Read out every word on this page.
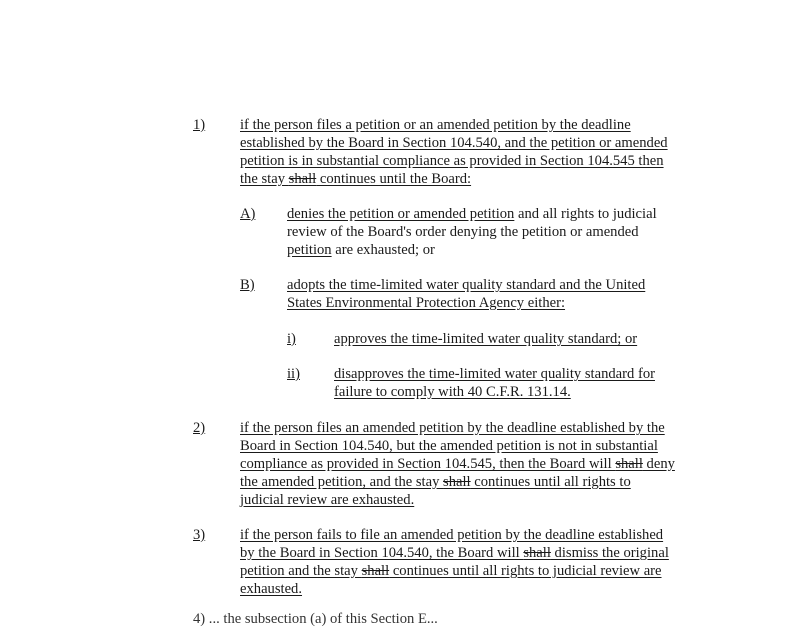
1) if the person files a petition or an amended petition by the deadline
established by the Board in Section 104.540, and the petition or amended
petition is in substantial compliance as provided in Section 104.545 then
the stay shall continues until the Board:
A) denies the petition or amended petition and all rights to judicial
review of the Board's order denying the petition or amended
petition are exhausted; or
B) adopts the time-limited water quality standard and the United
States Environmental Protection Agency either:
i)	approves the time-limited water quality standard; or
ii) disapproves the time-limited water quality standard for
failure to comply with 40 C.F.R. 131.14.
2) if the person files an amended petition by the deadline established by the
Board in Section 104.540, but the amended petition is not in substantial
compliance as provided in Section 104.545, then the Board will shall deny
the amended petition, and the stay shall continues until all rights to
judicial review are exhausted.
3) if the person fails to file an amended petition by the deadline established
by the Board in Section 104.540, the Board will shall dismiss the original
petition and the stay shall continues until all rights to judicial review are
exhausted.
4) ... the subsection (a) of this Section E...
